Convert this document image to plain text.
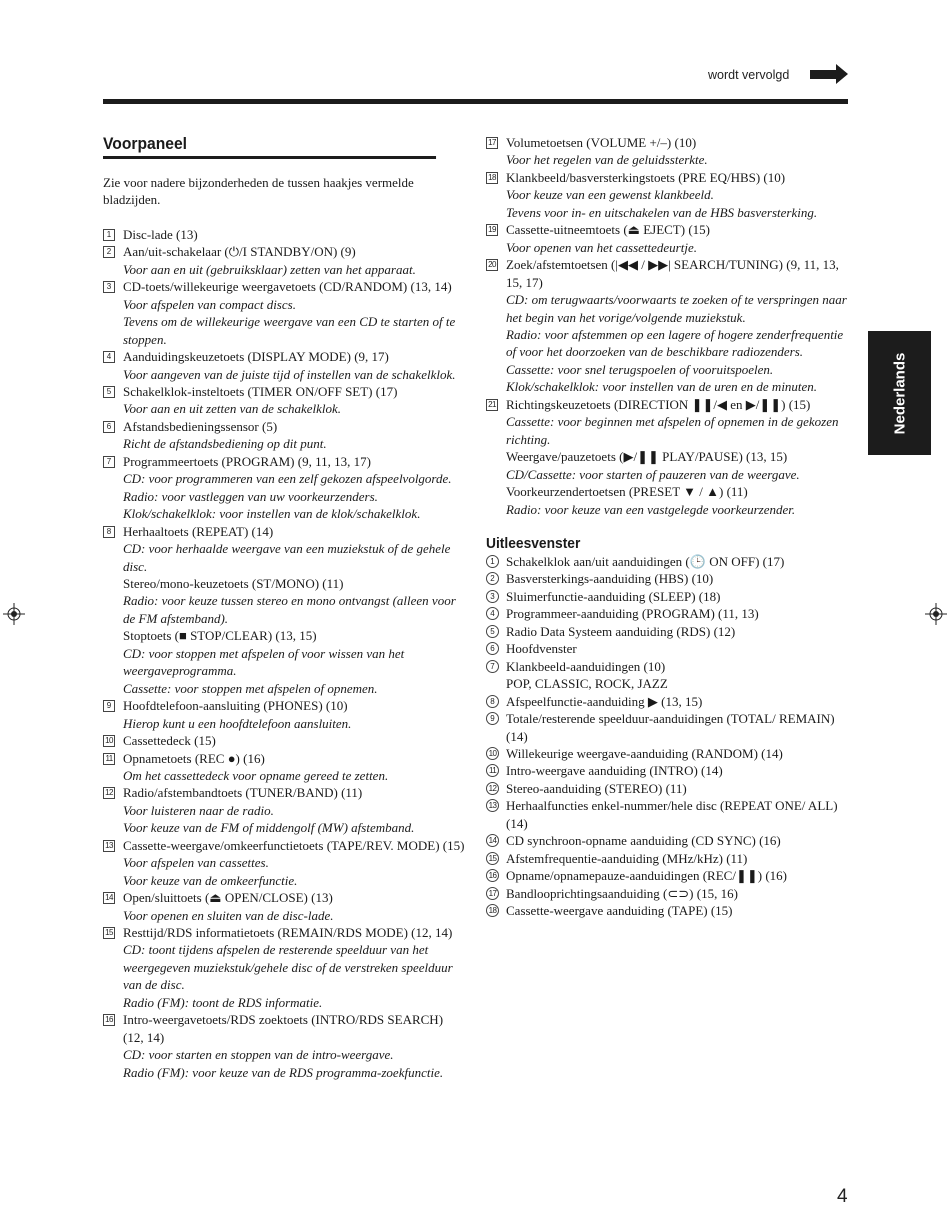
wordt vervolgd
Voorpaneel

Zie voor nadere bijzonderheden de tussen haakjes vermelde bladzijden.

1 Disc-lade (13)
2 Aan/uit-schakelaar (⏻/I STANDBY/ON) (9)
Voor aan en uit (gebruiksklaar) zetten van het apparaat.
3 CD-toets/willekeurige weergavetoets (CD/RANDOM) (13, 14)
Voor afspelen van compact discs.
Tevens om de willekeurige weergave van een CD te starten of te stoppen.
4 Aanduidingskeuzetoets (DISPLAY MODE) (9, 17)
Voor aangeven van de juiste tijd of instellen van de schakelklok.
5 Schakelklok-insteltoets (TIMER ON/OFF SET) (17)
Voor aan en uit zetten van de schakelklok.
6 Afstandsbedieningssensor (5)
Richt de afstandsbediening op dit punt.
7 Programmeertoets (PROGRAM) (9, 11, 13, 17)
CD: voor programmeren van een zelf gekozen afspeelvolgorde.
Radio: voor vastleggen van uw voorkeurzenders.
Klok/schakelklok: voor instellen van de klok/schakelklok.
8 Herhaaltoets (REPEAT) (14)
CD: voor herhaalde weergave van een muziekstuk of de gehele disc.
Stereo/mono-keuzetoets (ST/MONO) (11)
Radio: voor keuze tussen stereo en mono ontvangst (alleen voor de FM afstemband).
Stoptoets (■ STOP/CLEAR) (13, 15)
CD: voor stoppen met afspelen of voor wissen van het weergaveprogramma.
Cassette: voor stoppen met afspelen of opnemen.
9 Hoofdtelefoon-aansluiting (PHONES) (10)
Hierop kunt u een hoofdtelefoon aansluiten.
10 Cassettedeck (15)
11 Opnametoets (REC ●) (16)
Om het cassettedeck voor opname gereed te zetten.
12 Radio/afstembandtoets (TUNER/BAND) (11)
Voor luisteren naar de radio.
Voor keuze van de FM of middengolf (MW) afstemband.
13 Cassette-weergave/omkeerfunctietoets (TAPE/REV. MODE) (15)
Voor afspelen van cassettes.
Voor keuze van de omkeerfunctie.
14 Open/sluittoets (⏏ OPEN/CLOSE) (13)
Voor openen en sluiten van de disc-lade.
15 Resttijd/RDS informatietoets (REMAIN/RDS MODE) (12, 14)
CD: toont tijdens afspelen de resterende speelduur van het weergegeven muziekstuk/gehele disc of de verstreken speelduur van de disc.
Radio (FM): toont de RDS informatie.
16 Intro-weergavetoets/RDS zoektoets (INTRO/RDS SEARCH) (12, 14)
CD: voor starten en stoppen van de intro-weergave.
Radio (FM): voor keuze van de RDS programma-zoekfunctie.
17 Volumetoetsen (VOLUME +/–) (10)
Voor het regelen van de geluidssterkte.
18 Klankbeeld/basversterkingstoets (PRE EQ/HBS) (10)
Voor keuze van een gewenst klankbeeld.
Tevens voor in- en uitschakelen van de HBS basversterking.
19 Cassette-uitneemtoets (⏏ EJECT) (15)
Voor openen van het cassettedeurtje.
20 Zoek/afstemtoetsen (|◀◀ / ▶▶| SEARCH/TUNING) (9, 11, 13, 15, 17)
CD: om terugwaarts/voorwaarts te zoeken of te verspringen naar het begin van het vorige/volgende muziekstuk.
Radio: voor afstemmen op een lagere of hogere zenderfrequentie of voor het doorzoeken van de beschikbare radiozenders.
Cassette: voor snel terugspoelen of vooruitspoelen.
Klok/schakelklok: voor instellen van de uren en de minuten.
21 Richtingskeuzetoets (DIRECTION ❚❚/◀ en ▶/❚❚) (15)
Cassette: voor beginnen met afspelen of opnemen in de gekozen richting.
Weergave/pauzetoets (▶/❚❚ PLAY/PAUSE) (13, 15)
CD/Cassette: voor starten of pauzeren van de weergave.
Voorkeurzendertoetsen (PRESET ▼ / ▲) (11)
Radio: voor keuze van een vastgelegde voorkeurzender.
Uitleesvenster
1 Schakelklok aan/uit aanduidingen (🕒 ON OFF) (17)
2 Basversterkings-aanduiding (HBS) (10)
3 Sluimerfunctie-aanduiding (SLEEP) (18)
4 Programmeer-aanduiding (PROGRAM) (11, 13)
5 Radio Data Systeem aanduiding (RDS) (12)
6 Hoofdvenster
7 Klankbeeld-aanduidingen (10)
POP, CLASSIC, ROCK, JAZZ
8 Afspeelfunctie-aanduiding ▶ (13, 15)
9 Totale/resterende speelduur-aanduidingen (TOTAL/ REMAIN) (14)
10 Willekeurige weergave-aanduiding (RANDOM) (14)
11 Intro-weergave aanduiding (INTRO) (14)
12 Stereo-aanduiding (STEREO) (11)
13 Herhaalfuncties enkel-nummer/hele disc (REPEAT ONE/ ALL) (14)
14 CD synchroon-opname aanduiding (CD SYNC) (16)
15 Afstemfrequentie-aanduiding (MHz/kHz) (11)
16 Opname/opnamepauze-aanduidingen (REC/❚❚) (16)
17 Bandlooprichtingsaanduiding (⊂⊃) (15, 16)
18 Cassette-weergave aanduiding (TAPE) (15)
Nederlands
4
